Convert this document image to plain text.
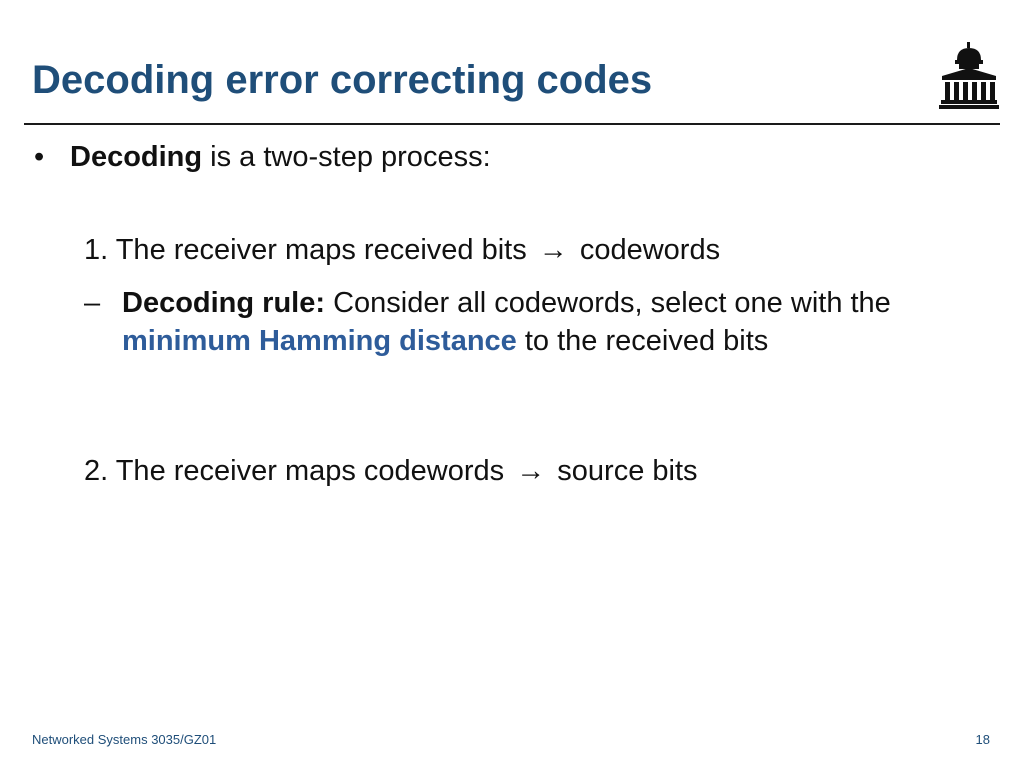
Decoding error correcting codes
• Decoding is a two-step process:
1. The receiver maps received bits → codewords
– Decoding rule: Consider all codewords, select one with the minimum Hamming distance to the received bits
2. The receiver maps codewords → source bits
Networked Systems 3035/GZ01	18
